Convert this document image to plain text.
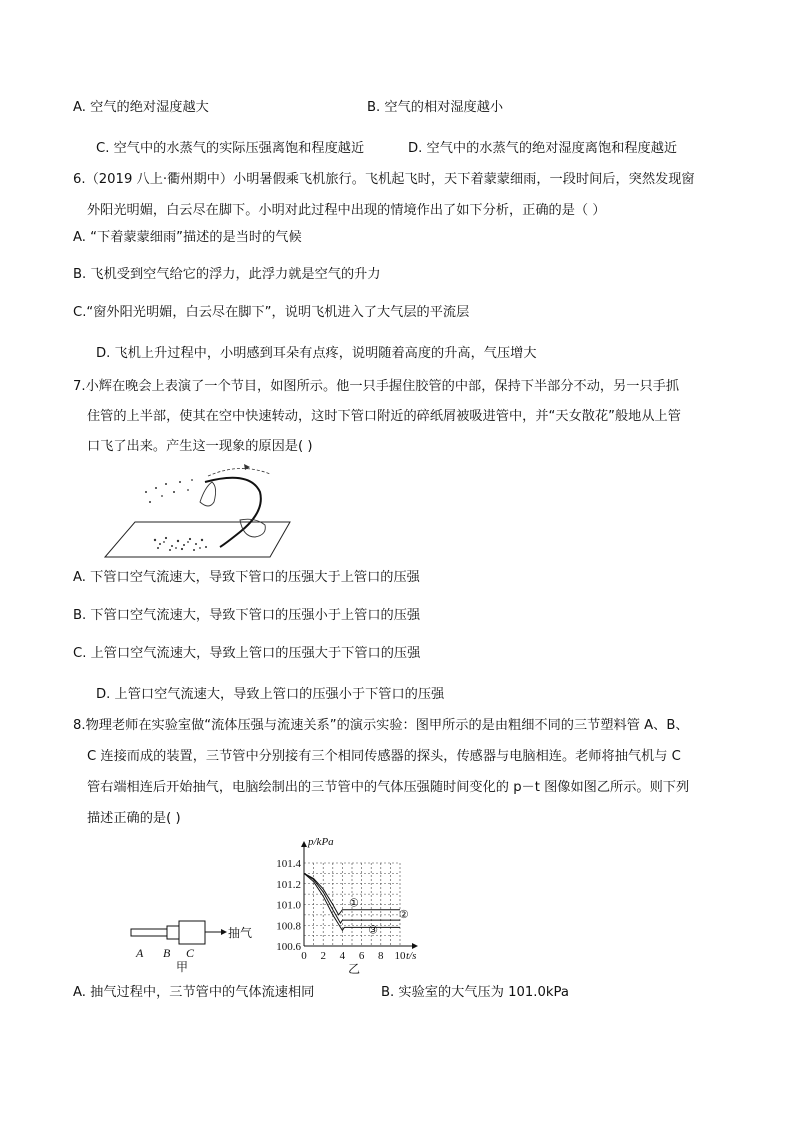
A. 空气的绝对湿度越大	B. 空气的相对湿度越小
C. 空气中的水蒸气的实际压强离饱和程度越近	D. 空气中的水蒸气的绝对湿度离饱和程度越近
6.（2019 八上·衢州期中）小明暑假乘飞机旅行。飞机起飞时，天下着蒙蒙细雨，一段时间后，突然发现窗
外阳光明媚，白云尽在脚下。小明对此过程中出现的情境作出了如下分析，正确的是（ ）
A. “下着蒙蒙细雨”描述的是当时的气候
B. 飞机受到空气给它的浮力，此浮力就是空气的升力
C.“窗外阳光明媚，白云尽在脚下”，说明飞机进入了大气层的平流层
D. 飞机上升过程中，小明感到耳朵有点疼，说明随着高度的升高，气压增大
7.小辉在晚会上表演了一个节目，如图所示。他一只手握住胶管的中部，保持下半部分不动，另一只手抓
住管的上半部，使其在空中快速转动，这时下管口附近的碎纸屑被吸进管中，并“天女散花”般地从上管
口飞了出来。产生这一现象的原因是( )
A. 下管口空气流速大，导致下管口的压强大于上管口的压强
B. 下管口空气流速大，导致下管口的压强小于上管口的压强
C. 上管口空气流速大，导致上管口的压强大于下管口的压强
D. 上管口空气流速大，导致上管口的压强小于下管口的压强
8.物理老师在实验室做“流体压强与流速关系”的演示实验：图甲所示的是由粗细不同的三节塑料管 A、B、
C 连接而成的装置，三节管中分别接有三个相同传感器的探头，传感器与电脑相连。老师将抽气机与 C
管右端相连后开始抽气，电脑绘制出的三节管中的气体压强随时间变化的 p－t 图像如图乙所示。则下列
描述正确的是( )
抽气
A B C
甲
100.6
100.8
101.0
101.2
101.4
0 2 4 6 8 10
①
②
③
p/kPa
t/s
乙
A. 抽气过程中，三节管中的气体流速相同	B. 实验室的大气压为 101.0kPa
